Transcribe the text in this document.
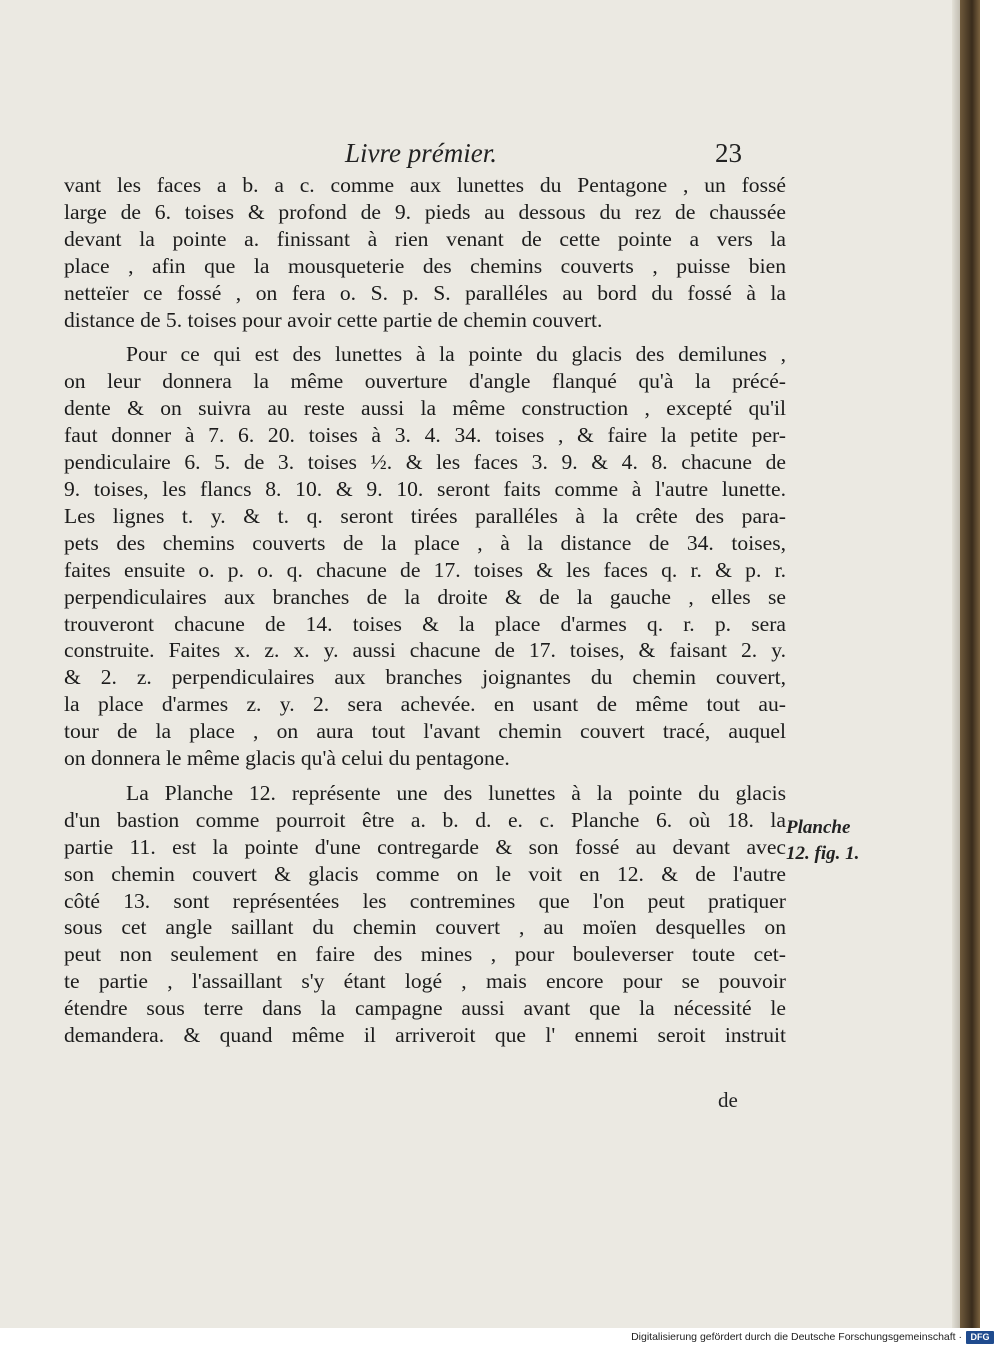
Livre prémier.	23
vant les faces a b. a c. comme aux lunettes du Pentagone , un fossé
large de 6. toises & profond de 9. pieds au dessous du rez de chaussée
devant la pointe a. finissant à rien venant de cette pointe a vers la
place , afin que la mousqueterie des chemins couverts , puisse bien
netteïer ce fossé , on fera o. S. p. S. paralléles au bord du fossé à la
distance de 5. toises pour avoir cette partie de chemin couvert.
Pour ce qui est des lunettes à la pointe du glacis des demilunes ,
on leur donnera la même ouverture d'angle flanqué qu'à la précé-
dente & on suivra au reste aussi la même construction , excepté qu'il
faut donner à 7. 6. 20. toises à 3. 4. 34. toises , & faire la petite per-
pendiculaire 6. 5. de 3. toises ½. & les faces 3. 9. & 4. 8. chacune de
9. toises, les flancs 8. 10. & 9. 10. seront faits comme à l'autre lunette.
Les lignes t. y. & t. q. seront tirées paralléles à la crête des para-
pets des chemins couverts de la place , à la distance de 34. toises,
faites ensuite o. p. o. q. chacune de 17. toises & les faces q. r. & p. r.
perpendiculaires aux branches de la droite & de la gauche , elles se
trouveront chacune de 14. toises & la place d'armes q. r. p. sera
construite. Faites x. z. x. y. aussi chacune de 17. toises, & faisant 2. y.
& 2. z. perpendiculaires aux branches joignantes du chemin couvert,
la place d'armes z. y. 2. sera achevée. en usant de même tout au-
tour de la place , on aura tout l'avant chemin couvert tracé, auquel
on donnera le même glacis qu'à celui du pentagone.
La Planche 12. représente une des lunettes à la pointe du glacis
d'un bastion comme pourroit être a. b. d. e. c. Planche 6. où 18. la
partie 11. est la pointe d'une contregarde & son fossé au devant avec
son chemin couvert & glacis comme on le voit en 12. & de l'autre
côté 13. sont représentées les contremines que l'on peut pratiquer
sous cet angle saillant du chemin couvert , au moïen desquelles on
peut non seulement en faire des mines , pour bouleverser toute cet-
te partie , l'assaillant s'y étant logé , mais encore pour se pouvoir
étendre sous terre dans la campagne aussi avant que la nécessité le
demandera. & quand même il arriveroit que l' ennemi seroit instruit
Planche
12. fig. 1.
de
Digitalisierung gefördert durch die Deutsche Forschungsgemeinschaft · DFG
